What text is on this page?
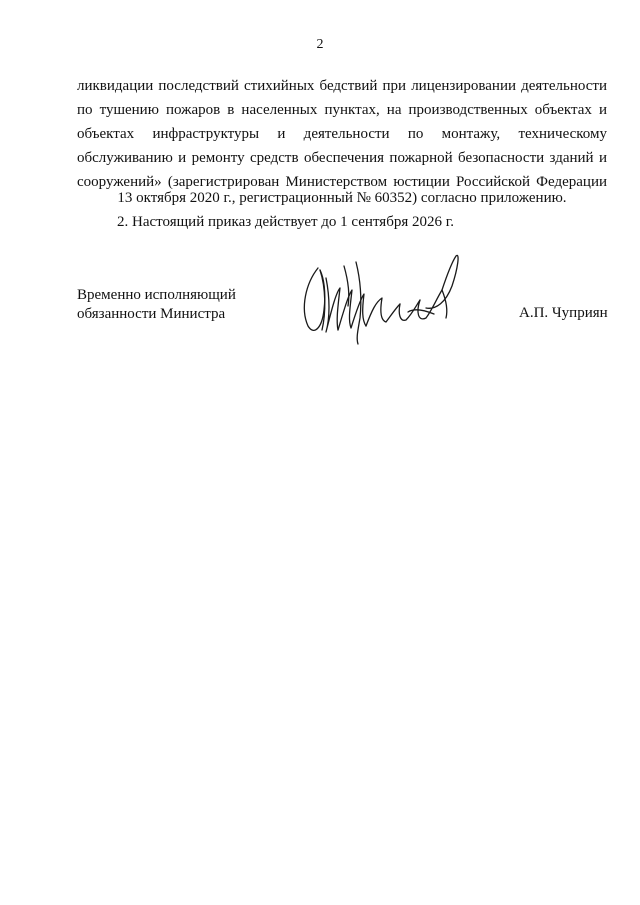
2
ликвидации последствий стихийных бедствий при лицензировании деятельности
по тушению пожаров в населенных пунктах, на производственных объектах и
объектах инфраструктуры и деятельности по монтажу, техническому
обслуживанию и ремонту средств обеспечения пожарной безопасности зданий и
сооружений» (зарегистрирован Министерством юстиции Российской Федерации
13 октября 2020 г., регистрационный № 60352) согласно приложению.
2. Настоящий приказ действует до 1 сентября 2026 г.
Временно исполняющий
обязанности Министра	А.П. Чуприян
